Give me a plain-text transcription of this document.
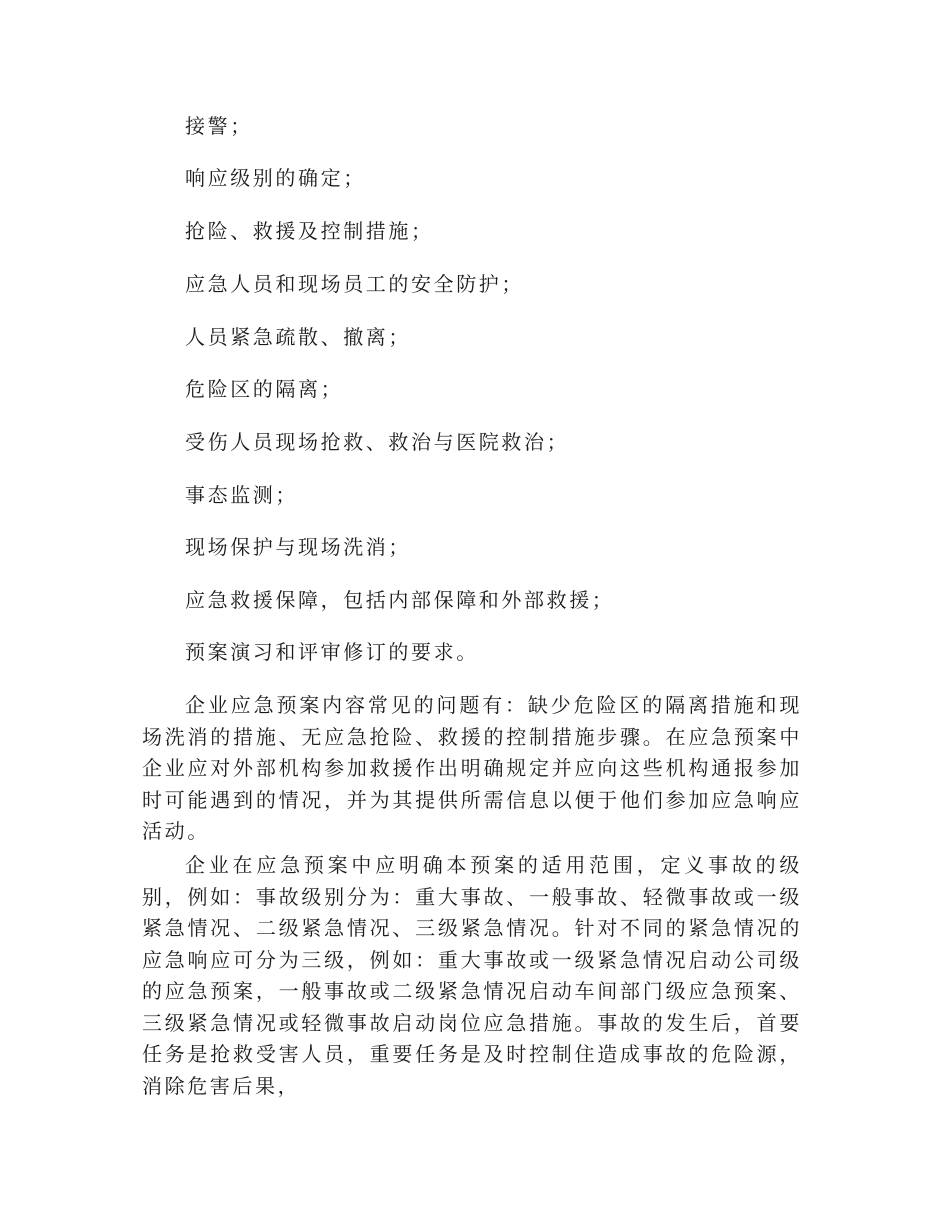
接警；
响应级别的确定；
抢险、救援及控制措施；
应急人员和现场员工的安全防护；
人员紧急疏散、撤离；
危险区的隔离；
受伤人员现场抢救、救治与医院救治；
事态监测；
现场保护与现场洗消；
应急救援保障，包括内部保障和外部救援；
预案演习和评审修订的要求。

企业应急预案内容常见的问题有：缺少危险区的隔离措施和现场洗消的措施、无应急抢险、救援的控制措施步骤。在应急预案中企业应对外部机构参加救援作出明确规定并应向这些机构通报参加时可能遇到的情况，并为其提供所需信息以便于他们参加应急响应活动。

企业在应急预案中应明确本预案的适用范围，定义事故的级别，例如：事故级别分为：重大事故、一般事故、轻微事故或一级紧急情况、二级紧急情况、三级紧急情况。针对不同的紧急情况的应急响应可分为三级，例如：重大事故或一级紧急情况启动公司级的应急预案，一般事故或二级紧急情况启动车间部门级应急预案、三级紧急情况或轻微事故启动岗位应急措施。事故的发生后，首要任务是抢救受害人员，重要任务是及时控制住造成事故的危险源，消除危害后果，
